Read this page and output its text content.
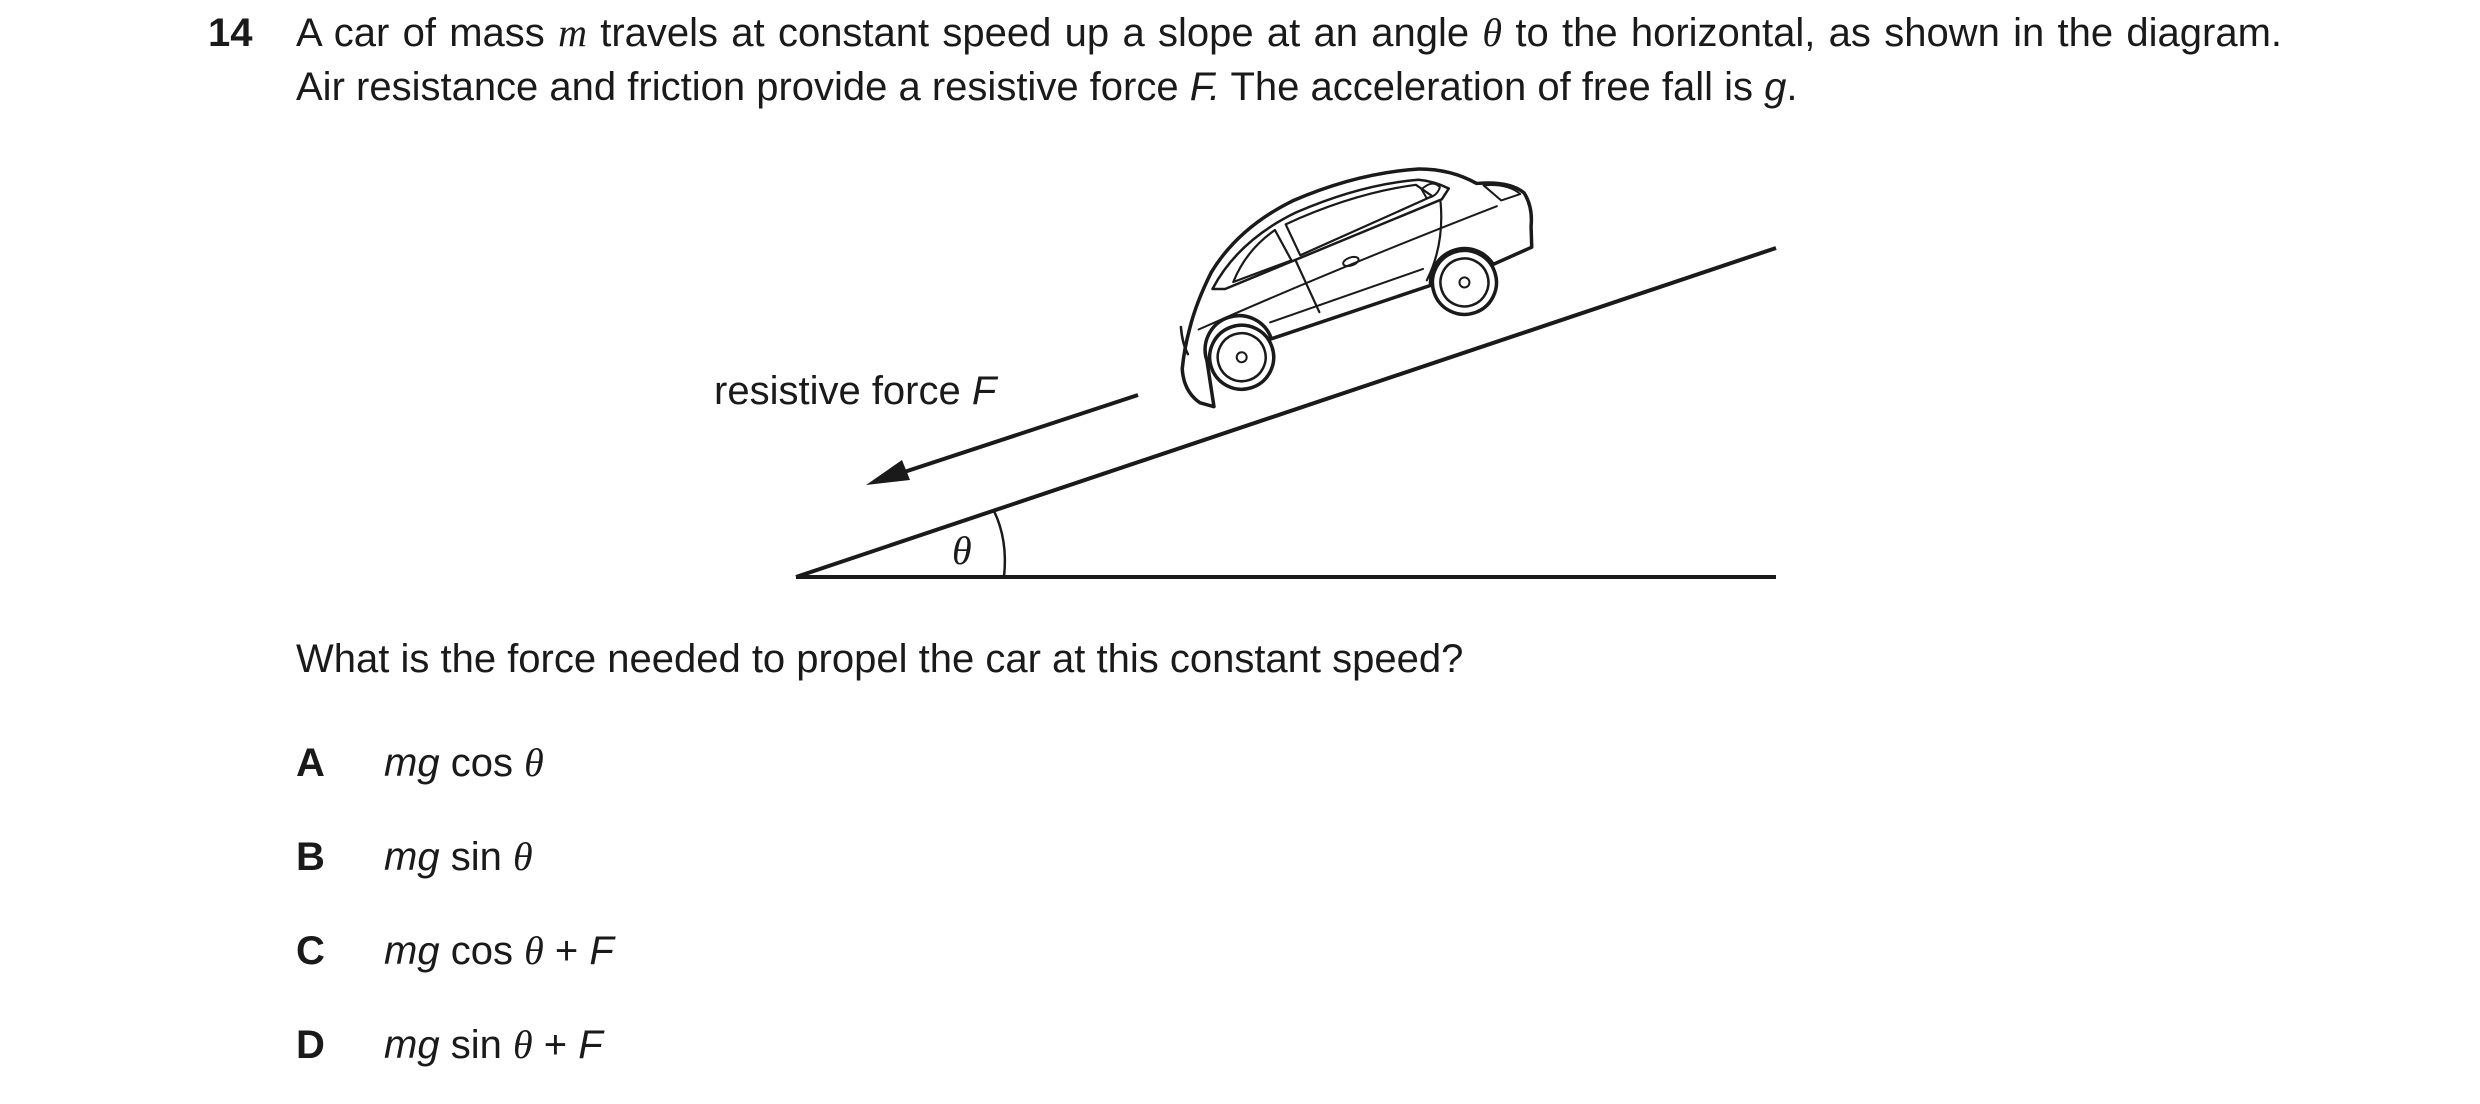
14 A car of mass m travels at constant speed up a slope at an angle θ to the horizontal, as shown in the diagram. Air resistance and friction provide a resistive force F. The acceleration of free fall is g.
resistive force F
θ
What is the force needed to propel the car at this constant speed?
A mg cos θ
B mg sin θ
C mg cos θ + F
D mg sin θ + F
